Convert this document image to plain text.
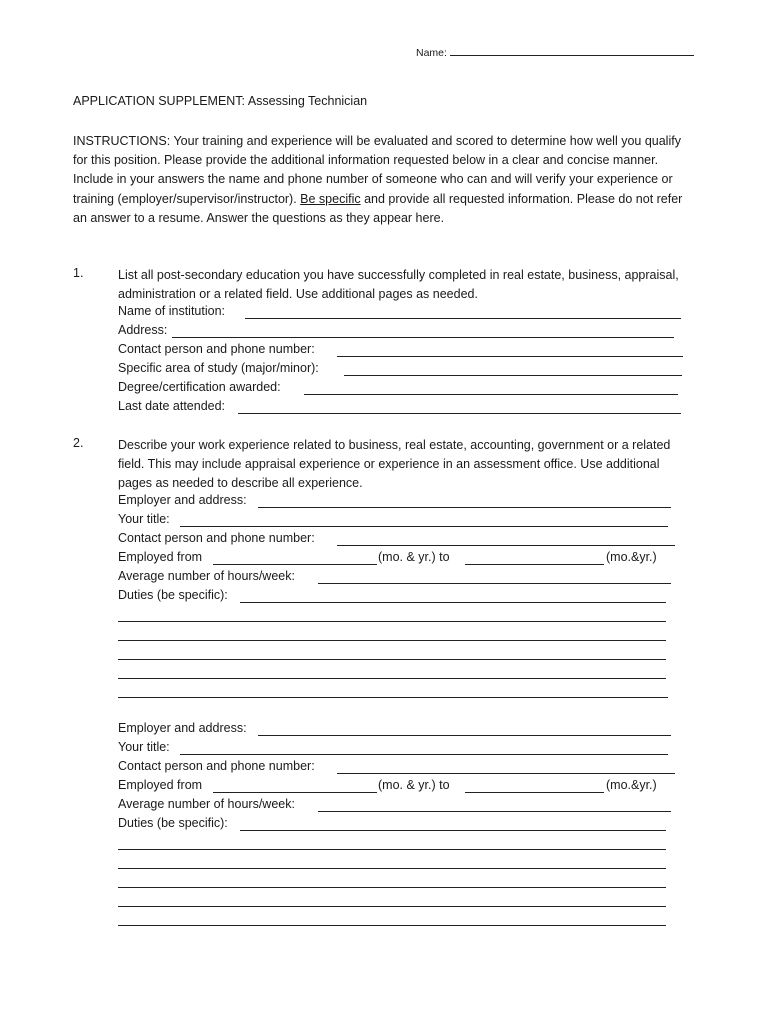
Name:
APPLICATION SUPPLEMENT: Assessing Technician
INSTRUCTIONS: Your training and experience will be evaluated and scored to determine how well you qualify for this position. Please provide the additional information requested below in a clear and concise manner. Include in your answers the name and phone number of someone who can and will verify your experience or training (employer/supervisor/instructor). Be specific and provide all requested information. Please do not refer an answer to a resume. Answer the questions as they appear here.
1.	List all post-secondary education you have successfully completed in real estate, business, appraisal, administration or a related field. Use additional pages as needed.
Name of institution:
Address:
Contact person and phone number:
Specific area of study (major/minor):
Degree/certification awarded:
Last date attended:
2.	Describe your work experience related to business, real estate, accounting, government or a related field. This may include appraisal experience or experience in an assessment office. Use additional pages as needed to describe all experience.
Employer and address:
Your title:
Contact person and phone number:
Employed from	(mo. & yr.) to	(mo.&yr.)
Average number of hours/week:
Duties (be specific):
Employer and address:
Your title:
Contact person and phone number:
Employed from	(mo. & yr.) to	(mo.&yr.)
Average number of hours/week:
Duties (be specific):
